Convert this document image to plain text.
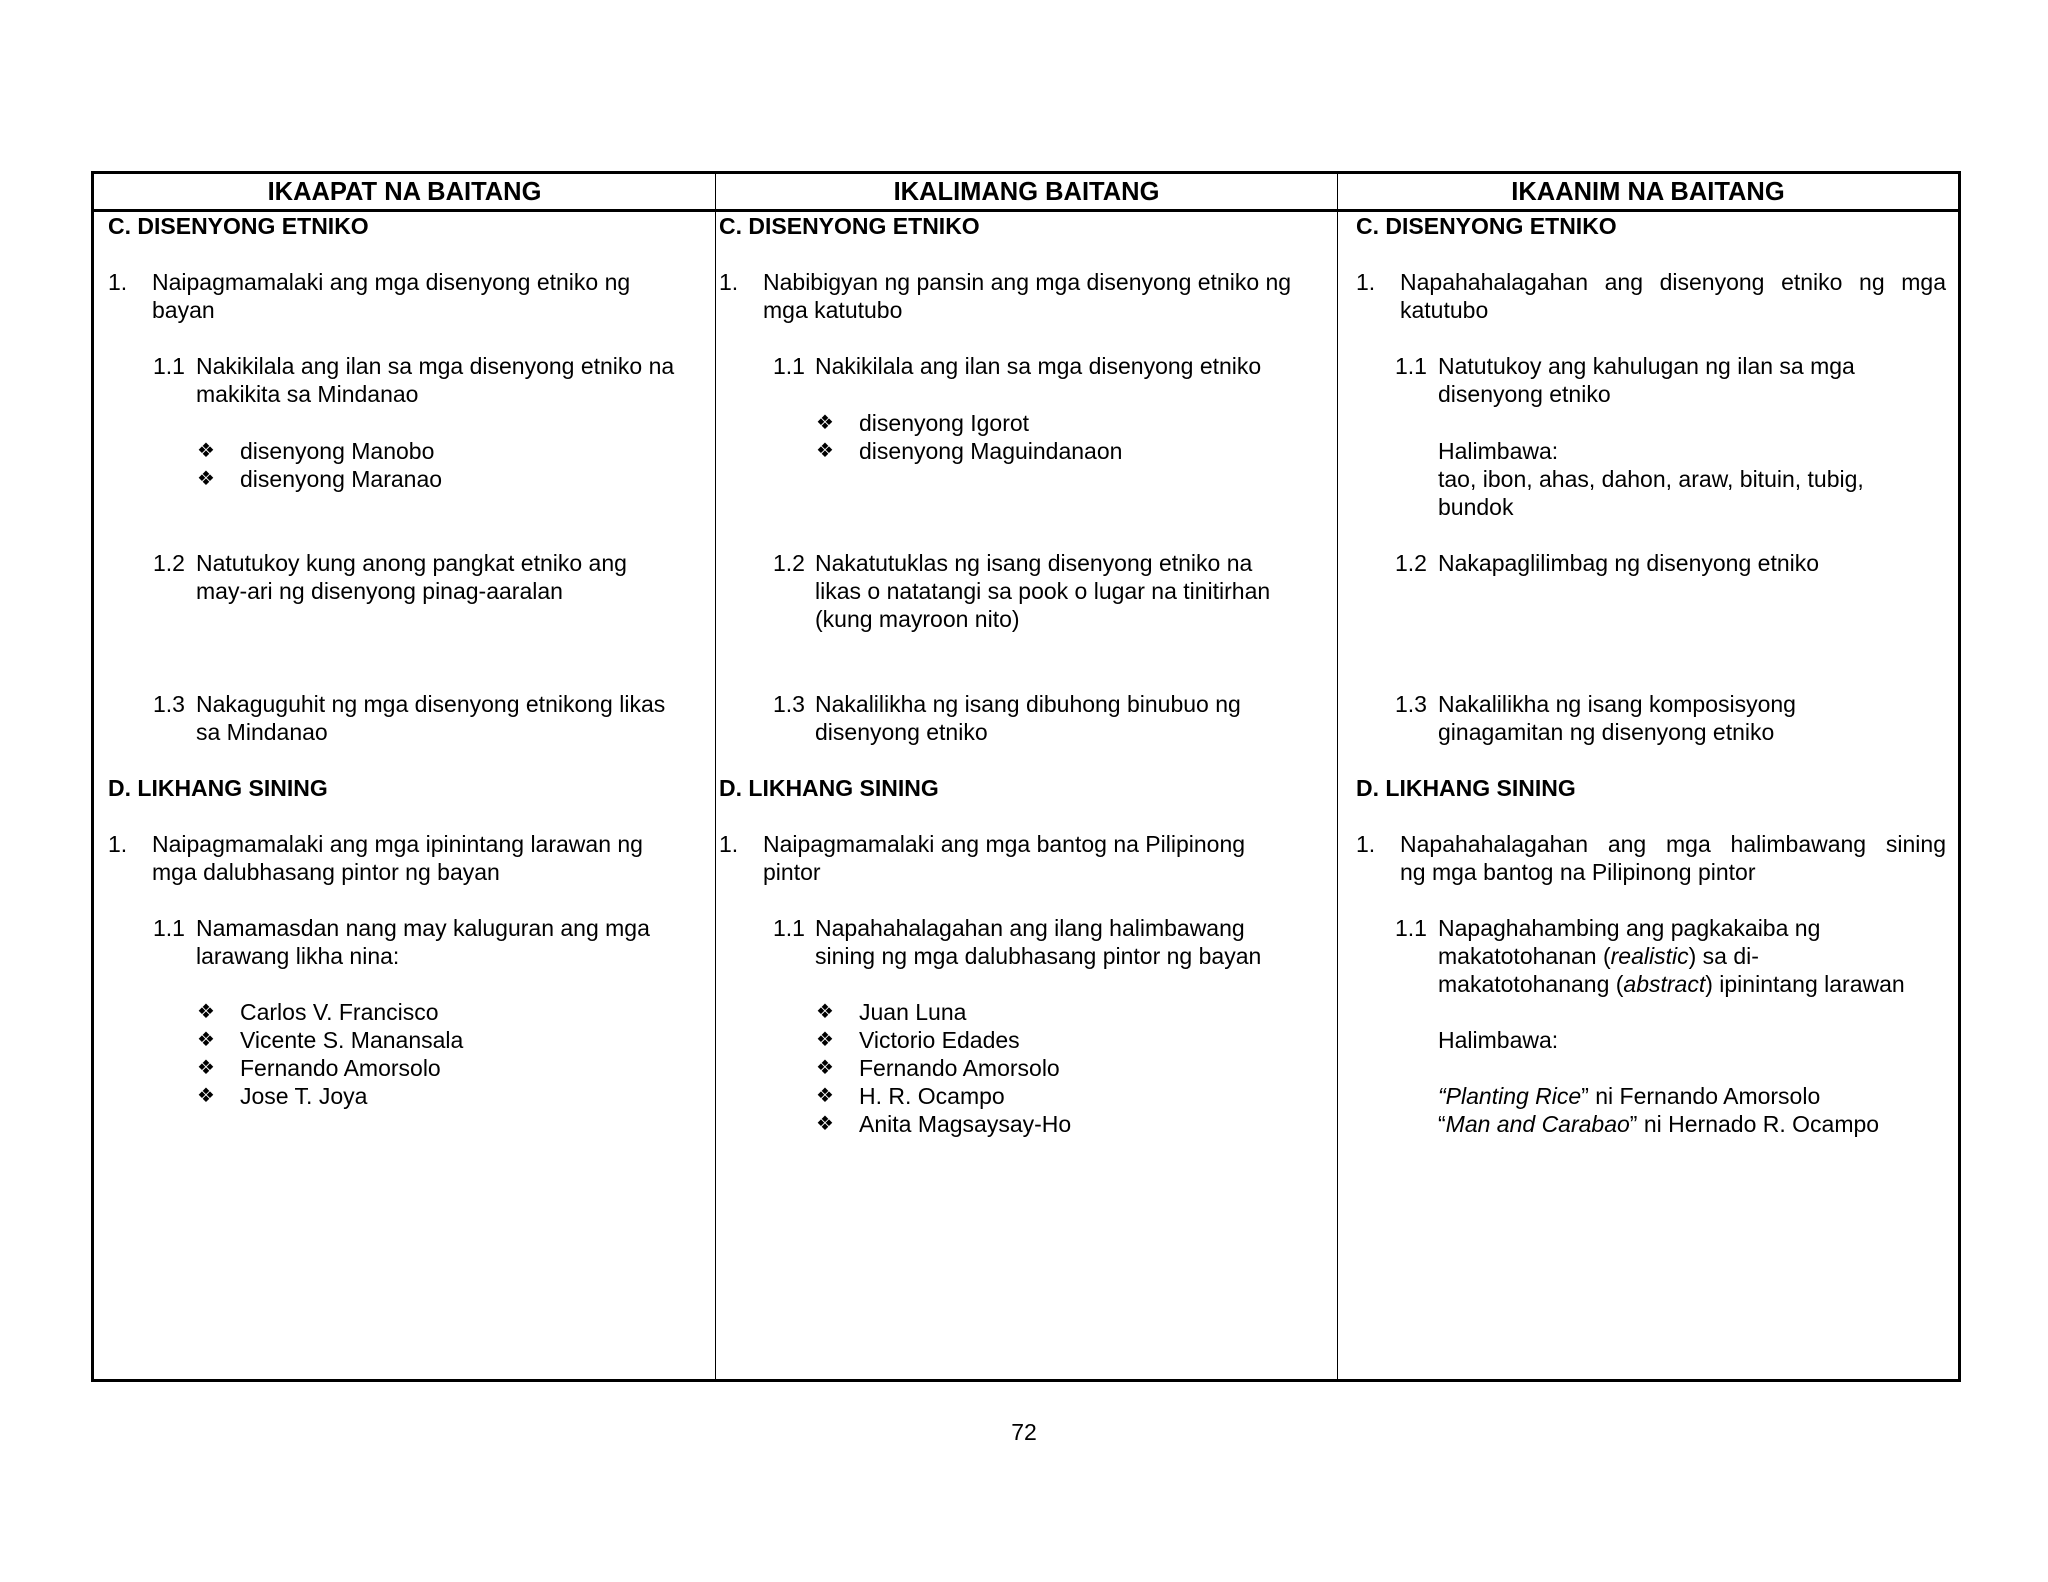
IKAAPAT NA BAITANG	IKALIMANG BAITANG	IKAANIM NA BAITANG
C. DISENYONG ETNIKO
1. Naipagmamalaki ang mga disenyong etniko ng
bayan
1.1 Nakikilala ang ilan sa mga disenyong etniko na
makikita sa Mindanao
❖ disenyong Manobo
❖ disenyong Maranao
1.2 Natutukoy kung anong pangkat etniko ang
may-ari ng disenyong pinag-aaralan
1.3 Nakaguguhit ng mga disenyong etnikong likas
sa Mindanao
D. LIKHANG SINING
1. Naipagmamalaki ang mga ipinintang larawan ng
mga dalubhasang pintor ng bayan
1.1 Namamasdan nang may kaluguran ang mga
larawang likha nina:
❖ Carlos V. Francisco
❖ Vicente S. Manansala
❖ Fernando Amorsolo
❖ Jose T. Joya
C. DISENYONG ETNIKO
1. Nabibigyan ng pansin ang mga disenyong etniko ng
mga katutubo
1.1 Nakikilala ang ilan sa mga disenyong etniko
❖ disenyong Igorot
❖ disenyong Maguindanaon
1.2 Nakatutuklas ng isang disenyong etniko na
likas o natatangi sa pook o lugar na tinitirhan
(kung mayroon nito)
1.3 Nakalilikha ng isang dibuhong binubuo ng
disenyong etniko
D. LIKHANG SINING
1. Naipagmamalaki ang mga bantog na Pilipinong
pintor
1.1 Napahahalagahan ang ilang halimbawang
sining ng mga dalubhasang pintor ng bayan
❖ Juan Luna
❖ Victorio Edades
❖ Fernando Amorsolo
❖ H. R. Ocampo
❖ Anita Magsaysay-Ho
C. DISENYONG ETNIKO
1. Napahahalagahan ang disenyong etniko ng mga
katutubo
1.1 Natutukoy ang kahulugan ng ilan sa mga
disenyong etniko
Halimbawa:
tao, ibon, ahas, dahon, araw, bituin, tubig,
bundok
1.2 Nakapaglilimbag ng disenyong etniko
1.3 Nakalilikha ng isang komposisyong
ginagamitan ng disenyong etniko
D. LIKHANG SINING
1. Napahahalagahan ang mga halimbawang sining
ng mga bantog na Pilipinong pintor
1.1 Napaghahambing ang pagkakaiba ng
makatotohanan (realistic) sa di-
makatotohanang (abstract) ipinintang larawan
Halimbawa:
“Planting Rice” ni Fernando Amorsolo
“Man and Carabao” ni Hernado R. Ocampo
72
